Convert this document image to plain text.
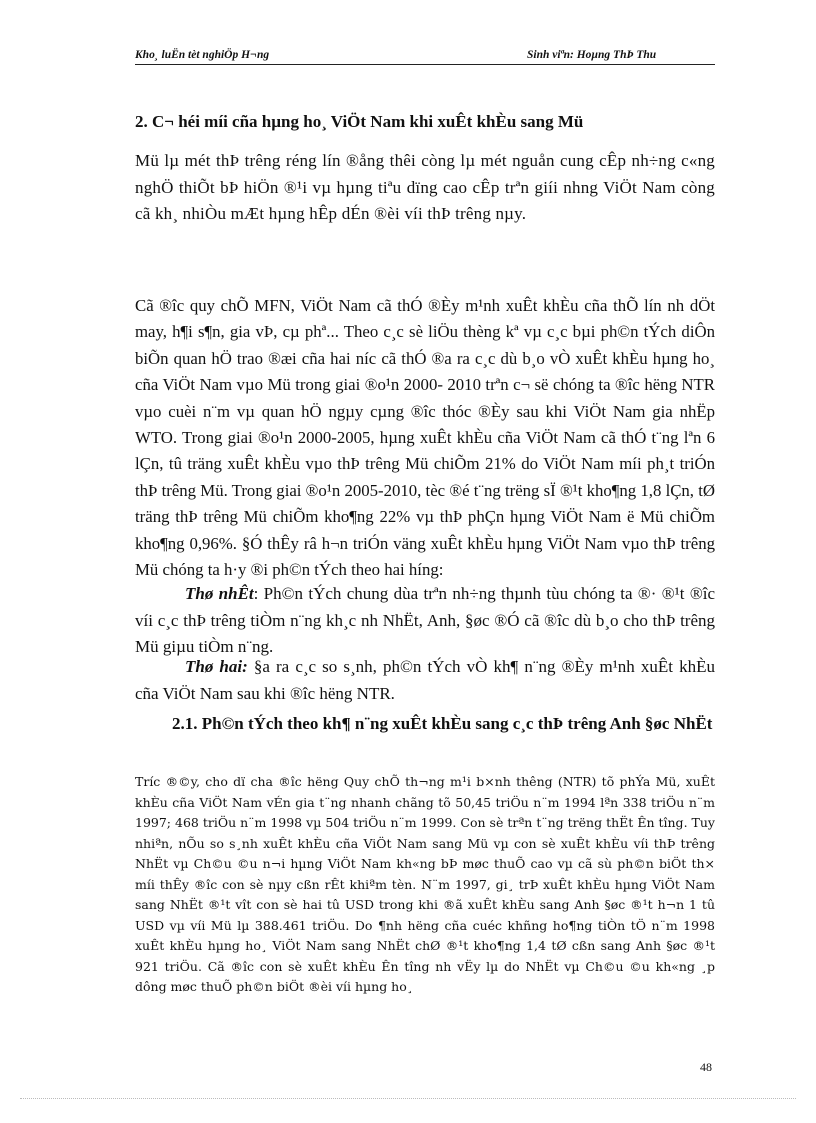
Kho¸ luËn tèt nghiÖp H¬ng	Sinh viªn: Hoµng ThÞ Thu
2. C¬ héi míi cña hµng ho¸ ViÖt Nam khi xuÊt khÈu sang Mü
Mü lµ mét thÞ trêng réng lín ®ång thêi còng lµ mét nguån cung cÊp nh÷ng c«ng nghÖ thiÕt bÞ hiÖn ®¹i vµ hµng tiªu dïng cao cÊp trªn giíi nhng ViÖt Nam còng cã kh¸ nhiÒu mÆt hµng hÊp dÉn ®èi víi thÞ trêng nµy.
Cã ®îc quy chÕ MFN, ViÖt Nam cã thÓ ®Èy m¹nh xuÊt khÈu cña thÕ lín nh dÖt may, h¶i s¶n, gia vÞ, cµ phª... Theo c¸c sè liÖu thèng kª vµ c¸c bµi ph©n tÝch diÔn biÕn quan hÖ trao ®æi cña hai níc cã thÓ ®a ra c¸c dù b¸o vÒ xuÊt khÈu hµng ho¸ cña ViÖt Nam vµo Mü trong giai ®o¹n 2000- 2010 trªn c¬ së chóng ta ®îc hëng NTR vµo cuèi n¨m vµ quan hÖ ngµy cµng ®îc thóc ®Èy sau khi ViÖt Nam gia nhËp WTO. Trong giai ®o¹n 2000-2005, hµng xuÊt khÈu cña ViÖt Nam cã thÓ t¨ng lªn 6 lÇn, tû träng xuÊt khÈu vµo thÞ trêng Mü chiÕm 21% do ViÖt Nam míi ph¸t triÓn thÞ trêng Mü. Trong giai ®o¹n 2005-2010, tèc ®é t¨ng trëng sÏ ®¹t kho¶ng 1,8 lÇn, tØ träng thÞ trêng Mü chiÕm kho¶ng 22% vµ thÞ phÇn hµng ViÖt Nam ë Mü chiÕm kho¶ng 0,96%. §Ó thÊy râ h¬n triÓn väng xuÊt khÈu hµng ViÖt Nam vµo thÞ trêng Mü chóng ta h·y ®i ph©n tÝch theo hai híng:
Thø nhÊt: Ph©n tÝch chung dùa trªn nh÷ng thµnh tùu chóng ta ®· ®¹t ®îc víi c¸c thÞ trêng tiÒm n¨ng kh¸c nh NhËt, Anh, §øc ®Ó cã ®îc dù b¸o cho thÞ trêng Mü giµu tiÒm n¨ng.
Thø hai: §a ra c¸c so s¸nh, ph©n tÝch vÒ kh¶ n¨ng ®Èy m¹nh xuÊt khÈu cña ViÖt Nam sau khi ®îc hëng NTR.
2.1. Ph©n tÝch theo kh¶ n¨ng xuÊt khÈu sang c¸c thÞ trêng Anh §øc NhËt
Tríc ®©y, cho dï cha ®îc hëng Quy chÕ th¬ng m¹i b×nh thêng (NTR) tõ phÝa Mü, xuÊt khÈu cña ViÖt Nam vÉn gia t¨ng nhanh chãng tõ 50,45 triÖu n¨m 1994 lªn 338 triÖu n¨m 1997; 468 triÖu n¨m 1998 vµ 504 triÖu n¨m 1999. Con sè trªn t¨ng trëng thËt Ên tîng. Tuy nhiªn, nÕu so s¸nh xuÊt khÈu cña ViÖt Nam sang Mü vµ con sè xuÊt khÈu víi thÞ trêng NhËt vµ Ch©u ©u n¬i hµng ViÖt Nam kh«ng bÞ møc thuÕ cao vµ cã sù ph©n biÖt th× míi thÊy ®îc con sè nµy cßn rÊt khiªm tèn. N¨m 1997, gi¸ trÞ xuÊt khÈu hµng ViÖt Nam sang NhËt ®¹t vît con sè hai tû USD trong khi ®ã xuÊt khÈu sang Anh §øc ®¹t h¬n 1 tû USD vµ víi Mü lµ 388.461 triÖu. Do ¶nh hëng cña cuéc khñng ho¶ng tiÒn tÖ n¨m 1998 xuÊt khÈu hµng ho¸ ViÖt Nam sang NhËt chØ ®¹t kho¶ng 1,4 tØ cßn sang Anh §øc ®¹t 921 triÖu. Cã ®îc con sè xuÊt khÈu Ên tîng nh vËy lµ do NhËt vµ Ch©u ©u kh«ng ¸p dông møc thuÕ ph©n biÖt ®èi víi hµng ho¸
48
